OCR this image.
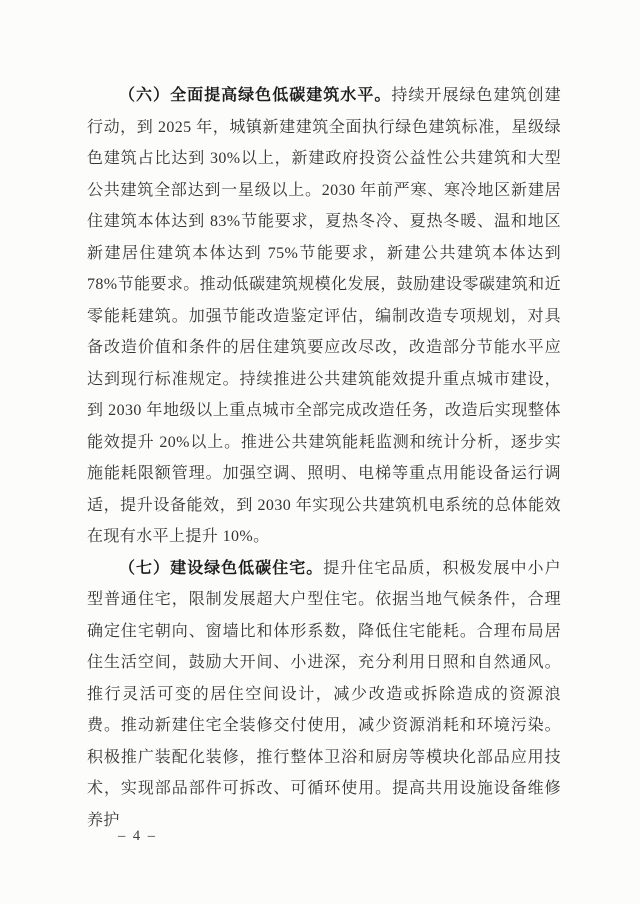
（六）全面提高绿色低碳建筑水平。持续开展绿色建筑创建行动，到 2025 年，城镇新建建筑全面执行绿色建筑标准，星级绿色建筑占比达到 30%以上，新建政府投资公益性公共建筑和大型公共建筑全部达到一星级以上。2030 年前严寒、寒冷地区新建居住建筑本体达到 83%节能要求，夏热冬冷、夏热冬暖、温和地区新建居住建筑本体达到 75%节能要求，新建公共建筑本体达到 78%节能要求。推动低碳建筑规模化发展，鼓励建设零碳建筑和近零能耗建筑。加强节能改造鉴定评估，编制改造专项规划，对具备改造价值和条件的居住建筑要应改尽改，改造部分节能水平应达到现行标准规定。持续推进公共建筑能效提升重点城市建设，到 2030 年地级以上重点城市全部完成改造任务，改造后实现整体能效提升 20%以上。推进公共建筑能耗监测和统计分析，逐步实施能耗限额管理。加强空调、照明、电梯等重点用能设备运行调适，提升设备能效，到 2030 年实现公共建筑机电系统的总体能效在现有水平上提升 10%。

（七）建设绿色低碳住宅。提升住宅品质，积极发展中小户型普通住宅，限制发展超大户型住宅。依据当地气候条件，合理确定住宅朝向、窗墙比和体形系数，降低住宅能耗。合理布局居住生活空间，鼓励大开间、小进深，充分利用日照和自然通风。推行灵活可变的居住空间设计，减少改造或拆除造成的资源浪费。推动新建住宅全装修交付使用，减少资源消耗和环境污染。积极推广装配化装修，推行整体卫浴和厨房等模块化部品应用技术，实现部品部件可拆改、可循环使用。提高共用设施设备维修养护

– 4 –
